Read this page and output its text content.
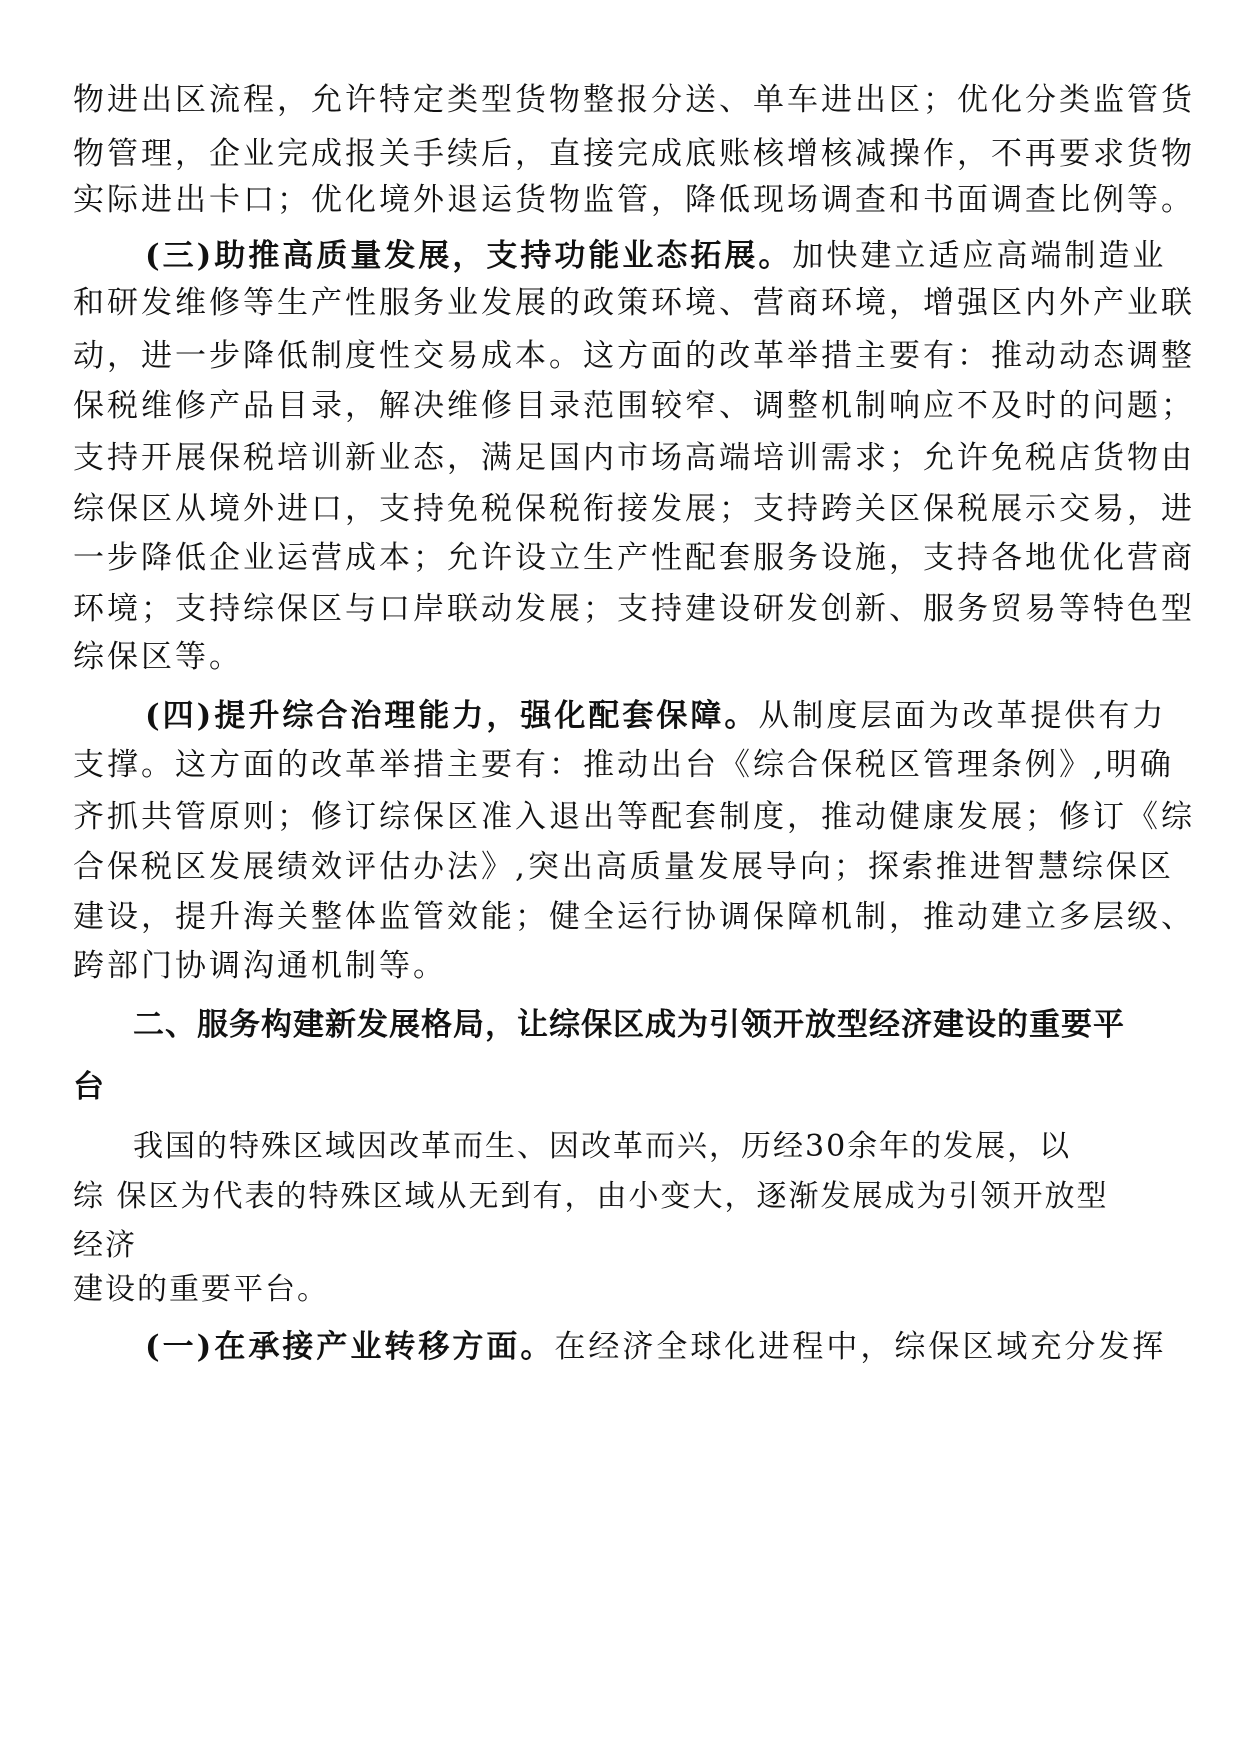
物进出区流程，允许特定类型货物整报分送、单车进出区；优化分类监管货

物管理，企业完成报关手续后，直接完成底账核增核减操作，不再要求货物

实际进出卡口；优化境外退运货物监管，降低现场调查和书面调查比例等。

(三)助推高质量发展，支持功能业态拓展。加快建立适应高端制造业

和研发维修等生产性服务业发展的政策环境、营商环境，增强区内外产业联

动，进一步降低制度性交易成本。这方面的改革举措主要有：推动动态调整

保税维修产品目录，解决维修目录范围较窄、调整机制响应不及时的问题；

支持开展保税培训新业态，满足国内市场高端培训需求；允许免税店货物由

综保区从境外进口，支持免税保税衔接发展；支持跨关区保税展示交易，进

一步降低企业运营成本；允许设立生产性配套服务设施，支持各地优化营商

环境；支持综保区与口岸联动发展；支持建设研发创新、服务贸易等特色型

综保区等。

(四)提升综合治理能力，强化配套保障。从制度层面为改革提供有力

支撑。这方面的改革举措主要有：推动出台《综合保税区管理条例》,明确

齐抓共管原则；修订综保区准入退出等配套制度，推动健康发展；修订《综

合保税区发展绩效评估办法》,突出高质量发展导向；探索推进智慧综保区

建设，提升海关整体监管效能；健全运行协调保障机制，推动建立多层级、

跨部门协调沟通机制等。

二、服务构建新发展格局，让综保区成为引领开放型经济建设的重要平

台

我国的特殊区域因改革而生、因改革而兴，历经30余年的发展，以

综 保区为代表的特殊区域从无到有，由小变大，逐渐发展成为引领开放型

经济

建设的重要平台。

(一)在承接产业转移方面。在经济全球化进程中，综保区域充分发挥
